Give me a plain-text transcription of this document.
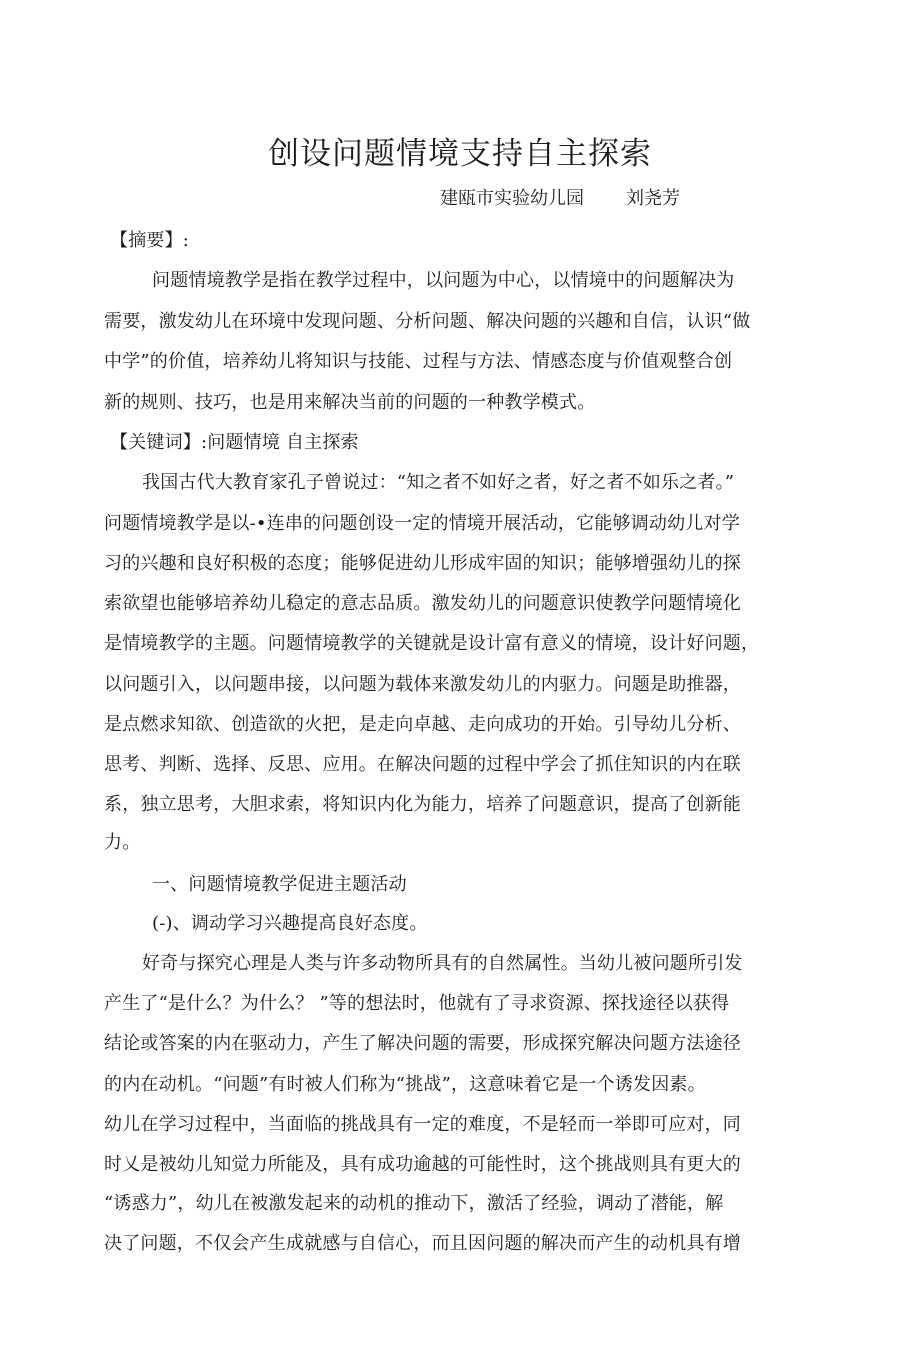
创设问题情境支持自主探索
建瓯市实验幼儿园 刘尧芳
【摘要】:
问题情境教学是指在教学过程中，以问题为中心，以情境中的问题解决为
需要，激发幼儿在环境中发现问题、分析问题、解决问题的兴趣和自信，认识“做
中学”的价值，培养幼儿将知识与技能、过程与方法、情感态度与价值观整合创
新的规则、技巧，也是用来解决当前的问题的一种教学模式。
【关键词】:问题情境 自主探索
我国古代大教育家孔子曾说过：“知之者不如好之者，好之者不如乐之者。”
问题情境教学是以-•连串的问题创设一定的情境开展活动，它能够调动幼儿对学
习的兴趣和良好积极的态度；能够促进幼儿形成牢固的知识；能够增强幼儿的探
索欲望也能够培养幼儿稳定的意志品质。激发幼儿的问题意识使教学问题情境化
是情境教学的主题。问题情境教学的关键就是设计富有意义的情境，设计好问题，
以问题引入，以问题串接，以问题为载体来激发幼儿的内驱力。问题是助推器，
是点燃求知欲、创造欲的火把，是走向卓越、走向成功的开始。引导幼儿分析、
思考、判断、选择、反思、应用。在解决问题的过程中学会了抓住知识的内在联
系，独立思考，大胆求索，将知识内化为能力，培养了问题意识，提高了创新能
力。
一、问题情境教学促进主题活动
(-)、调动学习兴趣提高良好态度。
好奇与探究心理是人类与许多动物所具有的自然属性。当幼儿被问题所引发
产生了“是什么？为什么？ ”等的想法时，他就有了寻求资源、探找途径以获得
结论或答案的内在驱动力，产生了解决问题的需要，形成探究解决问题方法途径
的内在动机。“问题”有时被人们称为“挑战”，这意味着它是一个诱发因素。
幼儿在学习过程中，当面临的挑战具有一定的难度，不是轻而一举即可应对，同
时乂是被幼儿知觉力所能及，具有成功逾越的可能性时，这个挑战则具有更大的
“诱惑力”，幼儿在被激发起来的动机的推动下，激活了经验，调动了潜能，解
决了问题，不仅会产生成就感与自信心，而且因问题的解决而产生的动机具有增
